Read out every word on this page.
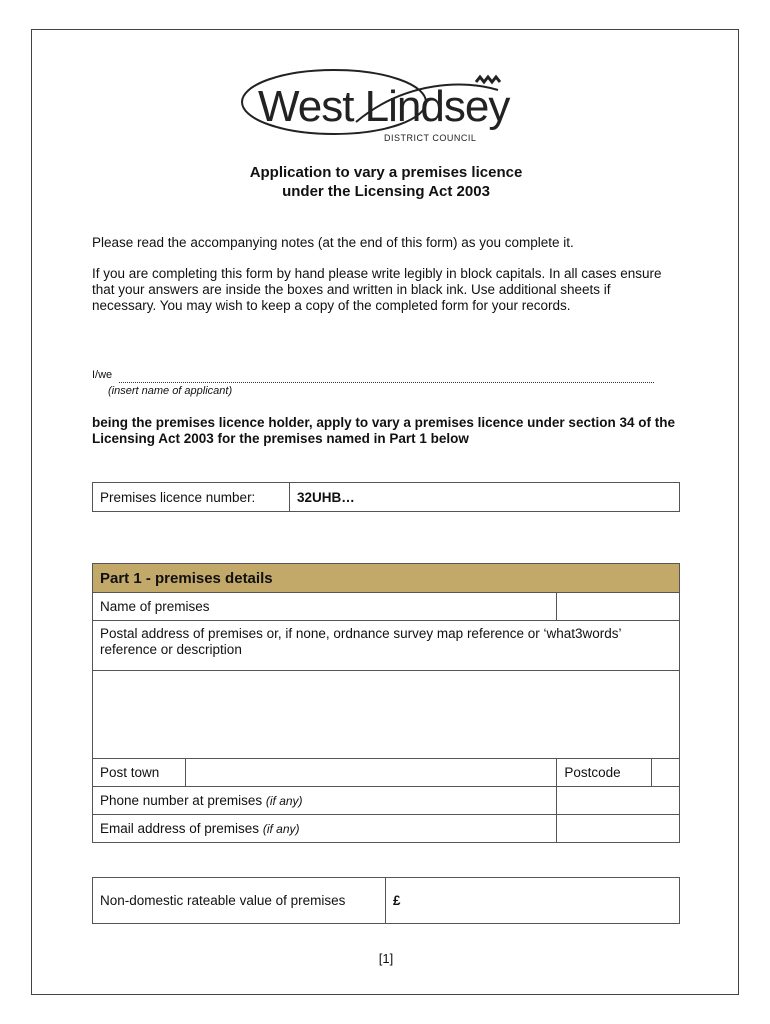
West Lindsey
DISTRICT COUNCIL
Application to vary a premises licence
under the Licensing Act 2003
Please read the accompanying notes (at the end of this form) as you complete it.
If you are completing this form by hand please write legibly in block capitals. In all cases ensure that your answers are inside the boxes and written in black ink. Use additional sheets if necessary. You may wish to keep a copy of the completed form for your records.
I/we
(insert name of applicant)
being the premises licence holder, apply to vary a premises licence under section 34 of the Licensing Act 2003 for the premises named in Part 1 below
Premises licence number:	32UHB…
Part 1 - premises details			
Name of premises			
Postal address of premises or, if none, ordnance survey map reference or ‘what3words’ reference or description			

Post town		Postcode	
Phone number at premises (if any)			
Email address of premises (if any)			
Non-domestic rateable value of premises	£
[1]
